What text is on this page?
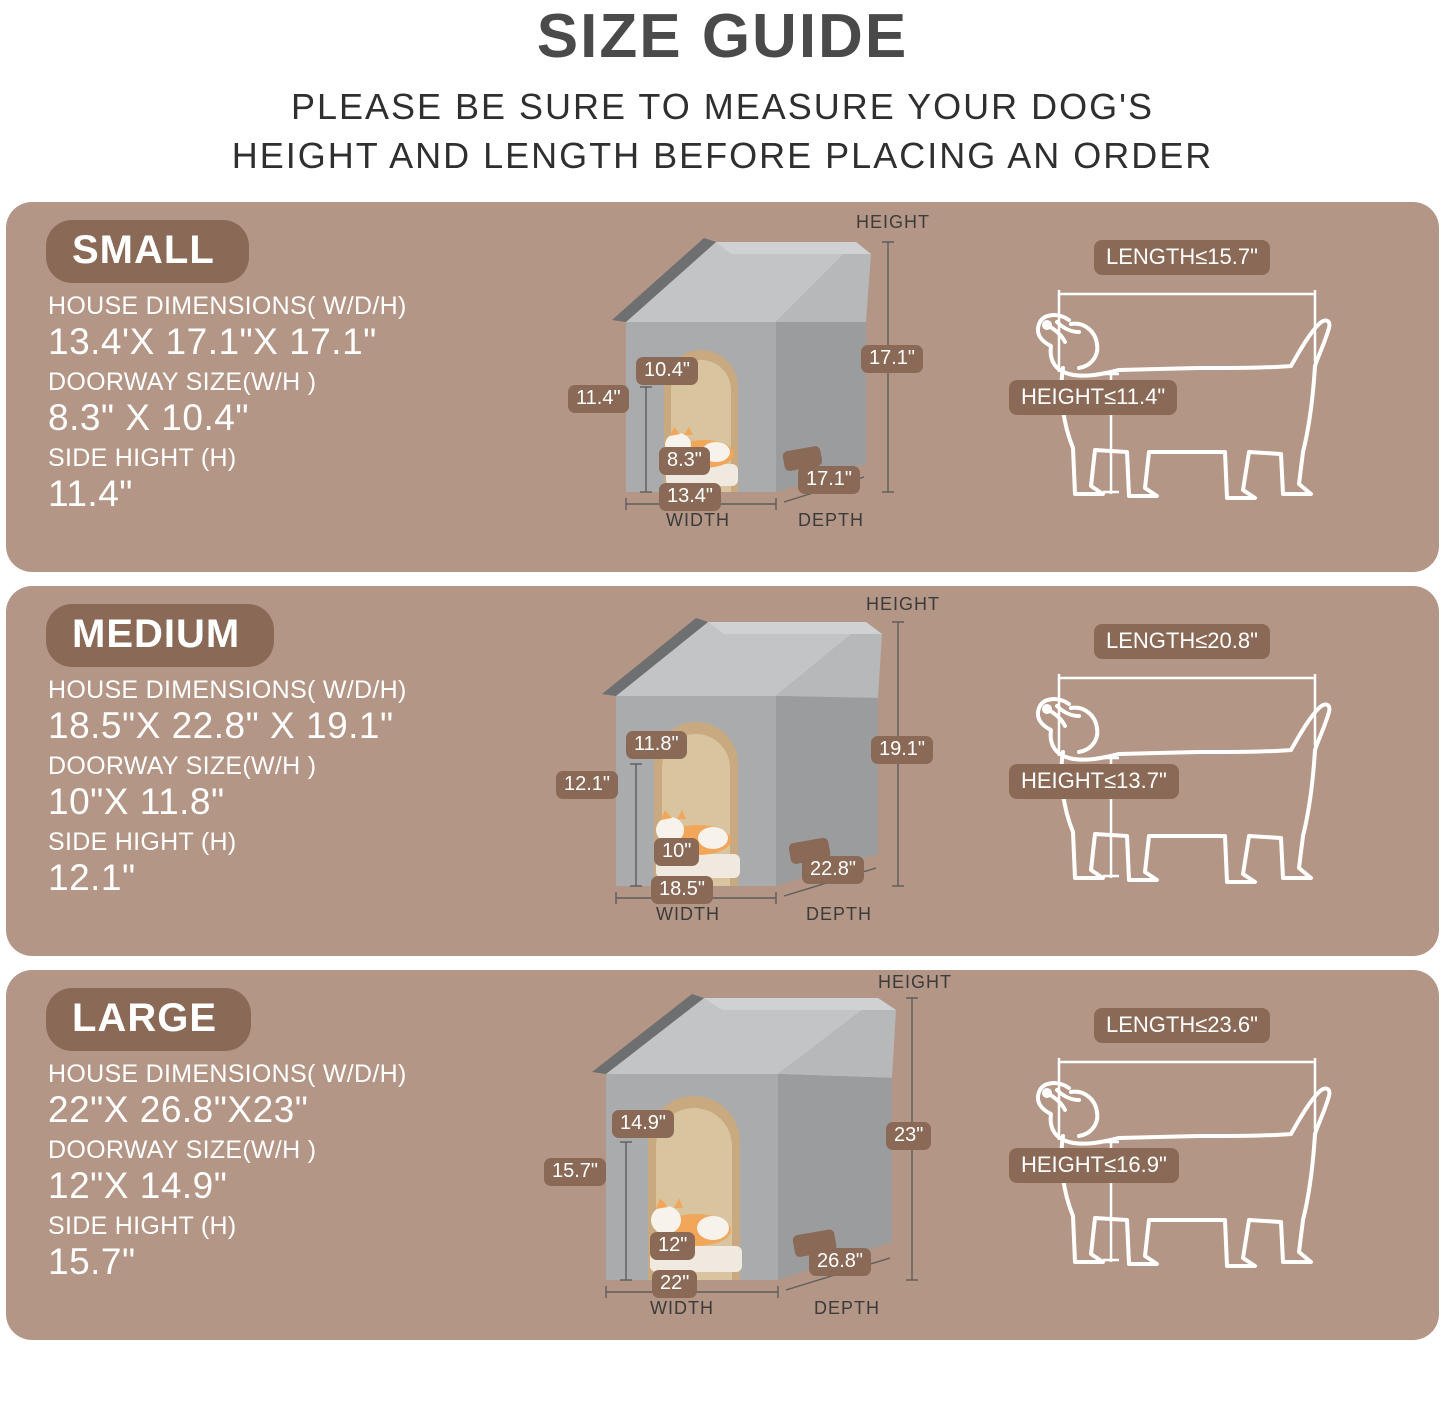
SIZE GUIDE

PLEASE BE SURE TO MEASURE YOUR DOG'S
HEIGHT AND LENGTH BEFORE PLACING AN ORDER

SMALL
HOUSE DIMENSIONS( W/D/H)
13.4'X 17.1"X 17.1"
DOORWAY SIZE(W/H )
8.3" X 10.4"
SIDE HIGHT (H)
11.4"
17.1"
10.4"
11.4"
8.3"
13.4"
17.1"
HEIGHT
WIDTH	DEPTH
LENGTH≤15.7"
HEIGHT≤11.4"
MEDIUM
HOUSE DIMENSIONS( W/D/H)
18.5"X 22.8" X 19.1"
DOORWAY SIZE(W/H )
10"X 11.8"
SIDE HIGHT (H)
12.1"
19.1"
11.8"
12.1"
10"
18.5"
22.8"
HEIGHT
WIDTH	DEPTH
LENGTH≤20.8"
HEIGHT≤13.7"
LARGE
HOUSE DIMENSIONS( W/D/H)
22"X 26.8"X23"
DOORWAY SIZE(W/H )
12"X 14.9"
SIDE HIGHT (H)
15.7"
23"
14.9"
15.7"
12"
22"
26.8"
HEIGHT
WIDTH	DEPTH
LENGTH≤23.6"
HEIGHT≤16.9"
